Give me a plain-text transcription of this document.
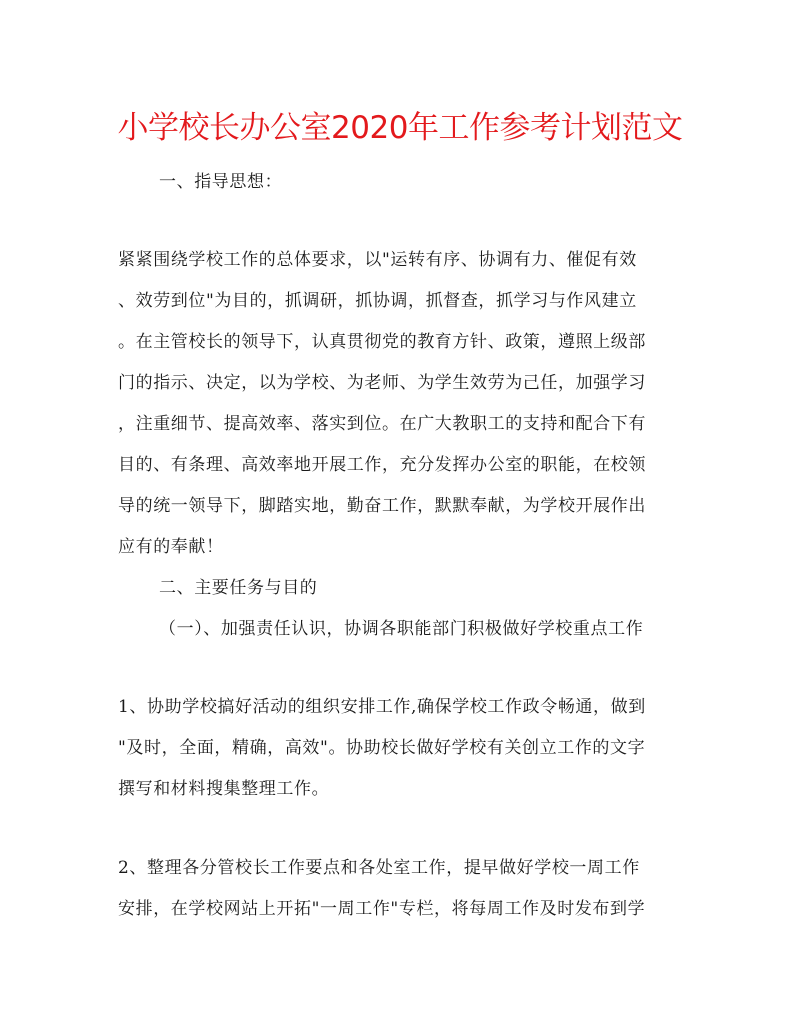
小学校长办公室2020年工作参考计划范文
一、指导思想：
紧紧围绕学校工作的总体要求，以"运转有序、协调有力、催促有效
、效劳到位"为目的，抓调研，抓协调，抓督查，抓学习与作风建立
。在主管校长的领导下，认真贯彻党的教育方针、政策，遵照上级部
门的指示、决定，以为学校、为老师、为学生效劳为己任，加强学习
，注重细节、提高效率、落实到位。在广大教职工的支持和配合下有
目的、有条理、高效率地开展工作，充分发挥办公室的职能，在校领
导的统一领导下，脚踏实地，勤奋工作，默默奉献，为学校开展作出
应有的奉献！
二、主要任务与目的
（一）、加强责任认识，协调各职能部门积极做好学校重点工作
1、协助学校搞好活动的组织安排工作,确保学校工作政令畅通，做到
"及时，全面，精确，高效"。协助校长做好学校有关创立工作的文字
撰写和材料搜集整理工作。
2、整理各分管校长工作要点和各处室工作，提早做好学校一周工作
安排，在学校网站上开拓"一周工作"专栏，将每周工作及时发布到学
